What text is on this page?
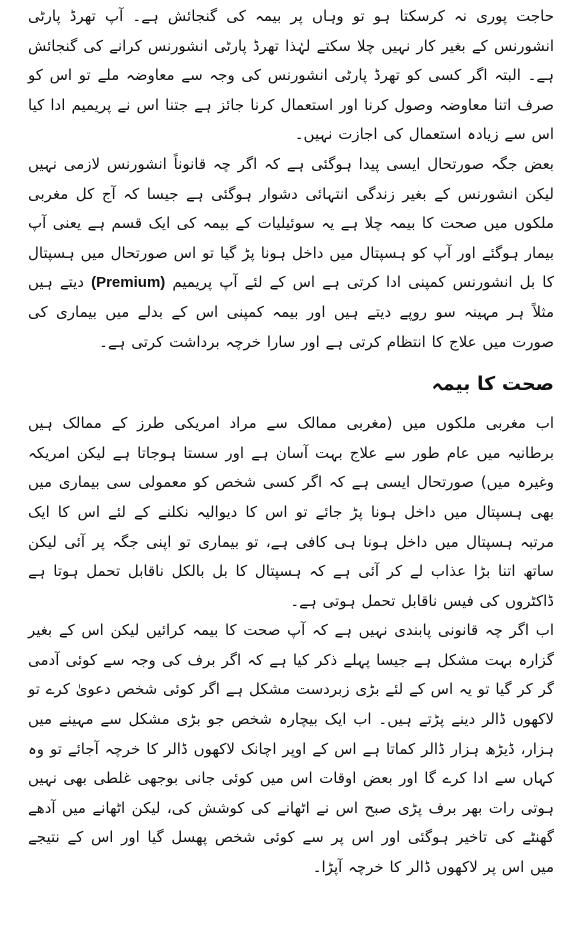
حاجت پوری نہ کرسکتا ہو تو وہاں پر بیمہ کی گنجائش ہے۔ آپ تھرڈ پارٹی انشورنس کے بغیر کار نہیں چلا سکتے لہٰذا تھرڈ پارٹی انشورنس کرانے کی گنجائش ہے۔ البتہ اگر کسی کو تھرڈ پارٹی انشورنس کی وجہ سے معاوضہ ملے تو اس کو صرف اتنا معاوضہ وصول کرنا اور استعمال کرنا جائز ہے جتنا اس نے پریمیم ادا کیا اس سے زیادہ استعمال کی اجازت نہیں۔

بعض جگہ صورتحال ایسی پیدا ہوگئی ہے کہ اگر چہ قانوناً انشورنس لازمی نہیں لیکن انشورنس کے بغیر زندگی انتہائی دشوار ہوگئی ہے جیسا کہ آج کل مغربی ملکوں میں صحت کا بیمہ چلا ہے یہ سوئیلیات کے بیمہ کی ایک قسم ہے یعنی آپ بیمار ہوگئے اور آپ کو ہسپتال میں داخل ہونا پڑ گیا تو اس صورتحال میں ہسپتال کا بل انشورنس کمپنی ادا کرتی ہے اس کے لئے آپ پریمیم (Premium) دیتے ہیں مثلاً ہر مہینہ سو روپے دیتے ہیں اور بیمہ کمپنی اس کے بدلے میں بیماری کی صورت میں علاج کا انتظام کرتی ہے اور سارا خرچہ برداشت کرتی ہے۔

صحت کا بیمہ

اب مغربی ملکوں میں (مغربی ممالک سے مراد امریکی طرز کے ممالک ہیں برطانیہ میں عام طور سے علاج بہت آسان ہے اور سستا ہوجاتا ہے لیکن امریکہ وغیرہ میں) صورتحال ایسی ہے کہ اگر کسی شخص کو معمولی سی بیماری میں بھی ہسپتال میں داخل ہونا پڑ جائے تو اس کا دیوالیہ نکلنے کے لئے اس کا ایک مرتبہ ہسپتال میں داخل ہونا ہی کافی ہے، تو بیماری تو اپنی جگہ پر آئی لیکن ساتھ اتنا بڑا عذاب لے کر آئی ہے کہ ہسپتال کا بل بالکل ناقابل تحمل ہوتا ہے ڈاکٹروں کی فیس ناقابل تحمل ہوتی ہے۔

اب اگر چہ قانونی پابندی نہیں ہے کہ آپ صحت کا بیمہ کرائیں لیکن اس کے بغیر گزارہ بہت مشکل ہے جیسا پہلے ذکر کیا ہے کہ اگر برف کی وجہ سے کوئی آدمی گر کر گیا تو یہ اس کے لئے بڑی زبردست مشکل ہے اگر کوئی شخص دعویٰ کرے تو لاکھوں ڈالر دینے پڑتے ہیں۔ اب ایک بیچارہ شخص جو بڑی مشکل سے مہینے میں ہزار، ڈیڑھ ہزار ڈالر کماتا ہے اس کے اوپر اچانک لاکھوں ڈالر کا خرچہ آجائے تو وہ کہاں سے ادا کرے گا اور بعض اوقات اس میں کوئی جانی بوجھی غلطی بھی نہیں ہوتی رات بھر برف پڑی صبح اس نے اٹھانے کی کوشش کی، لیکن اٹھانے میں آدھے گھنٹے کی تاخیر ہوگئی اور اس پر سے کوئی شخص پھسل گیا اور اس کے نتیجے میں اس پر لاکھوں ڈالر کا خرچہ آپڑا۔
